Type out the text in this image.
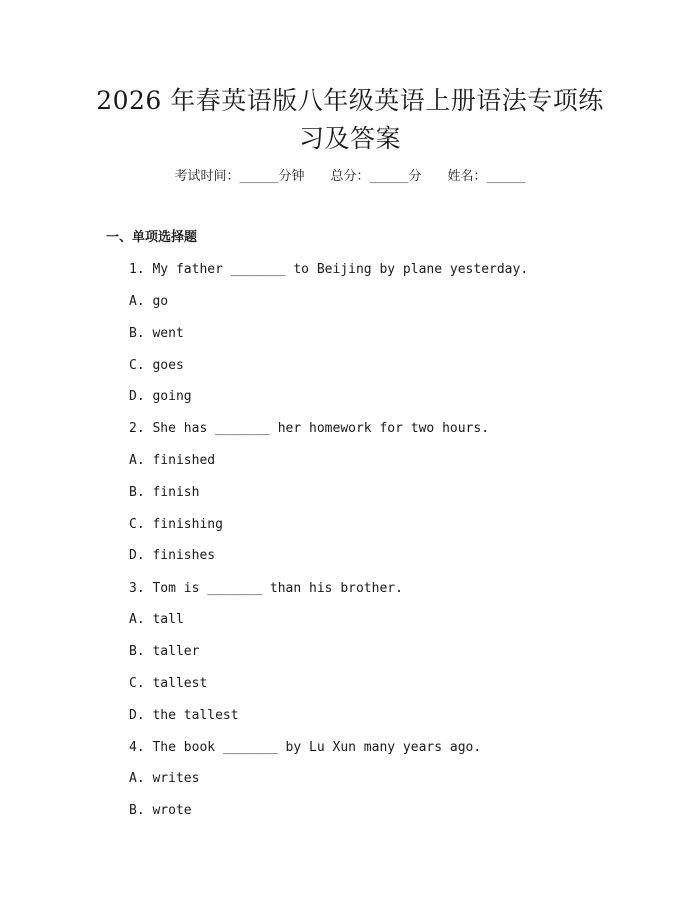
2026 年春英语版八年级英语上册语法专项练
习及答案
考试时间：______分钟 总分：______分 姓名：______
一、单项选择题
1. My father _______ to Beijing by plane yesterday.
A. go
B. went
C. goes
D. going
2. She has _______ her homework for two hours.
A. finished
B. finish
C. finishing
D. finishes
3. Tom is _______ than his brother.
A. tall
B. taller
C. tallest
D. the tallest
4. The book _______ by Lu Xun many years ago.
A. writes
B. wrote
